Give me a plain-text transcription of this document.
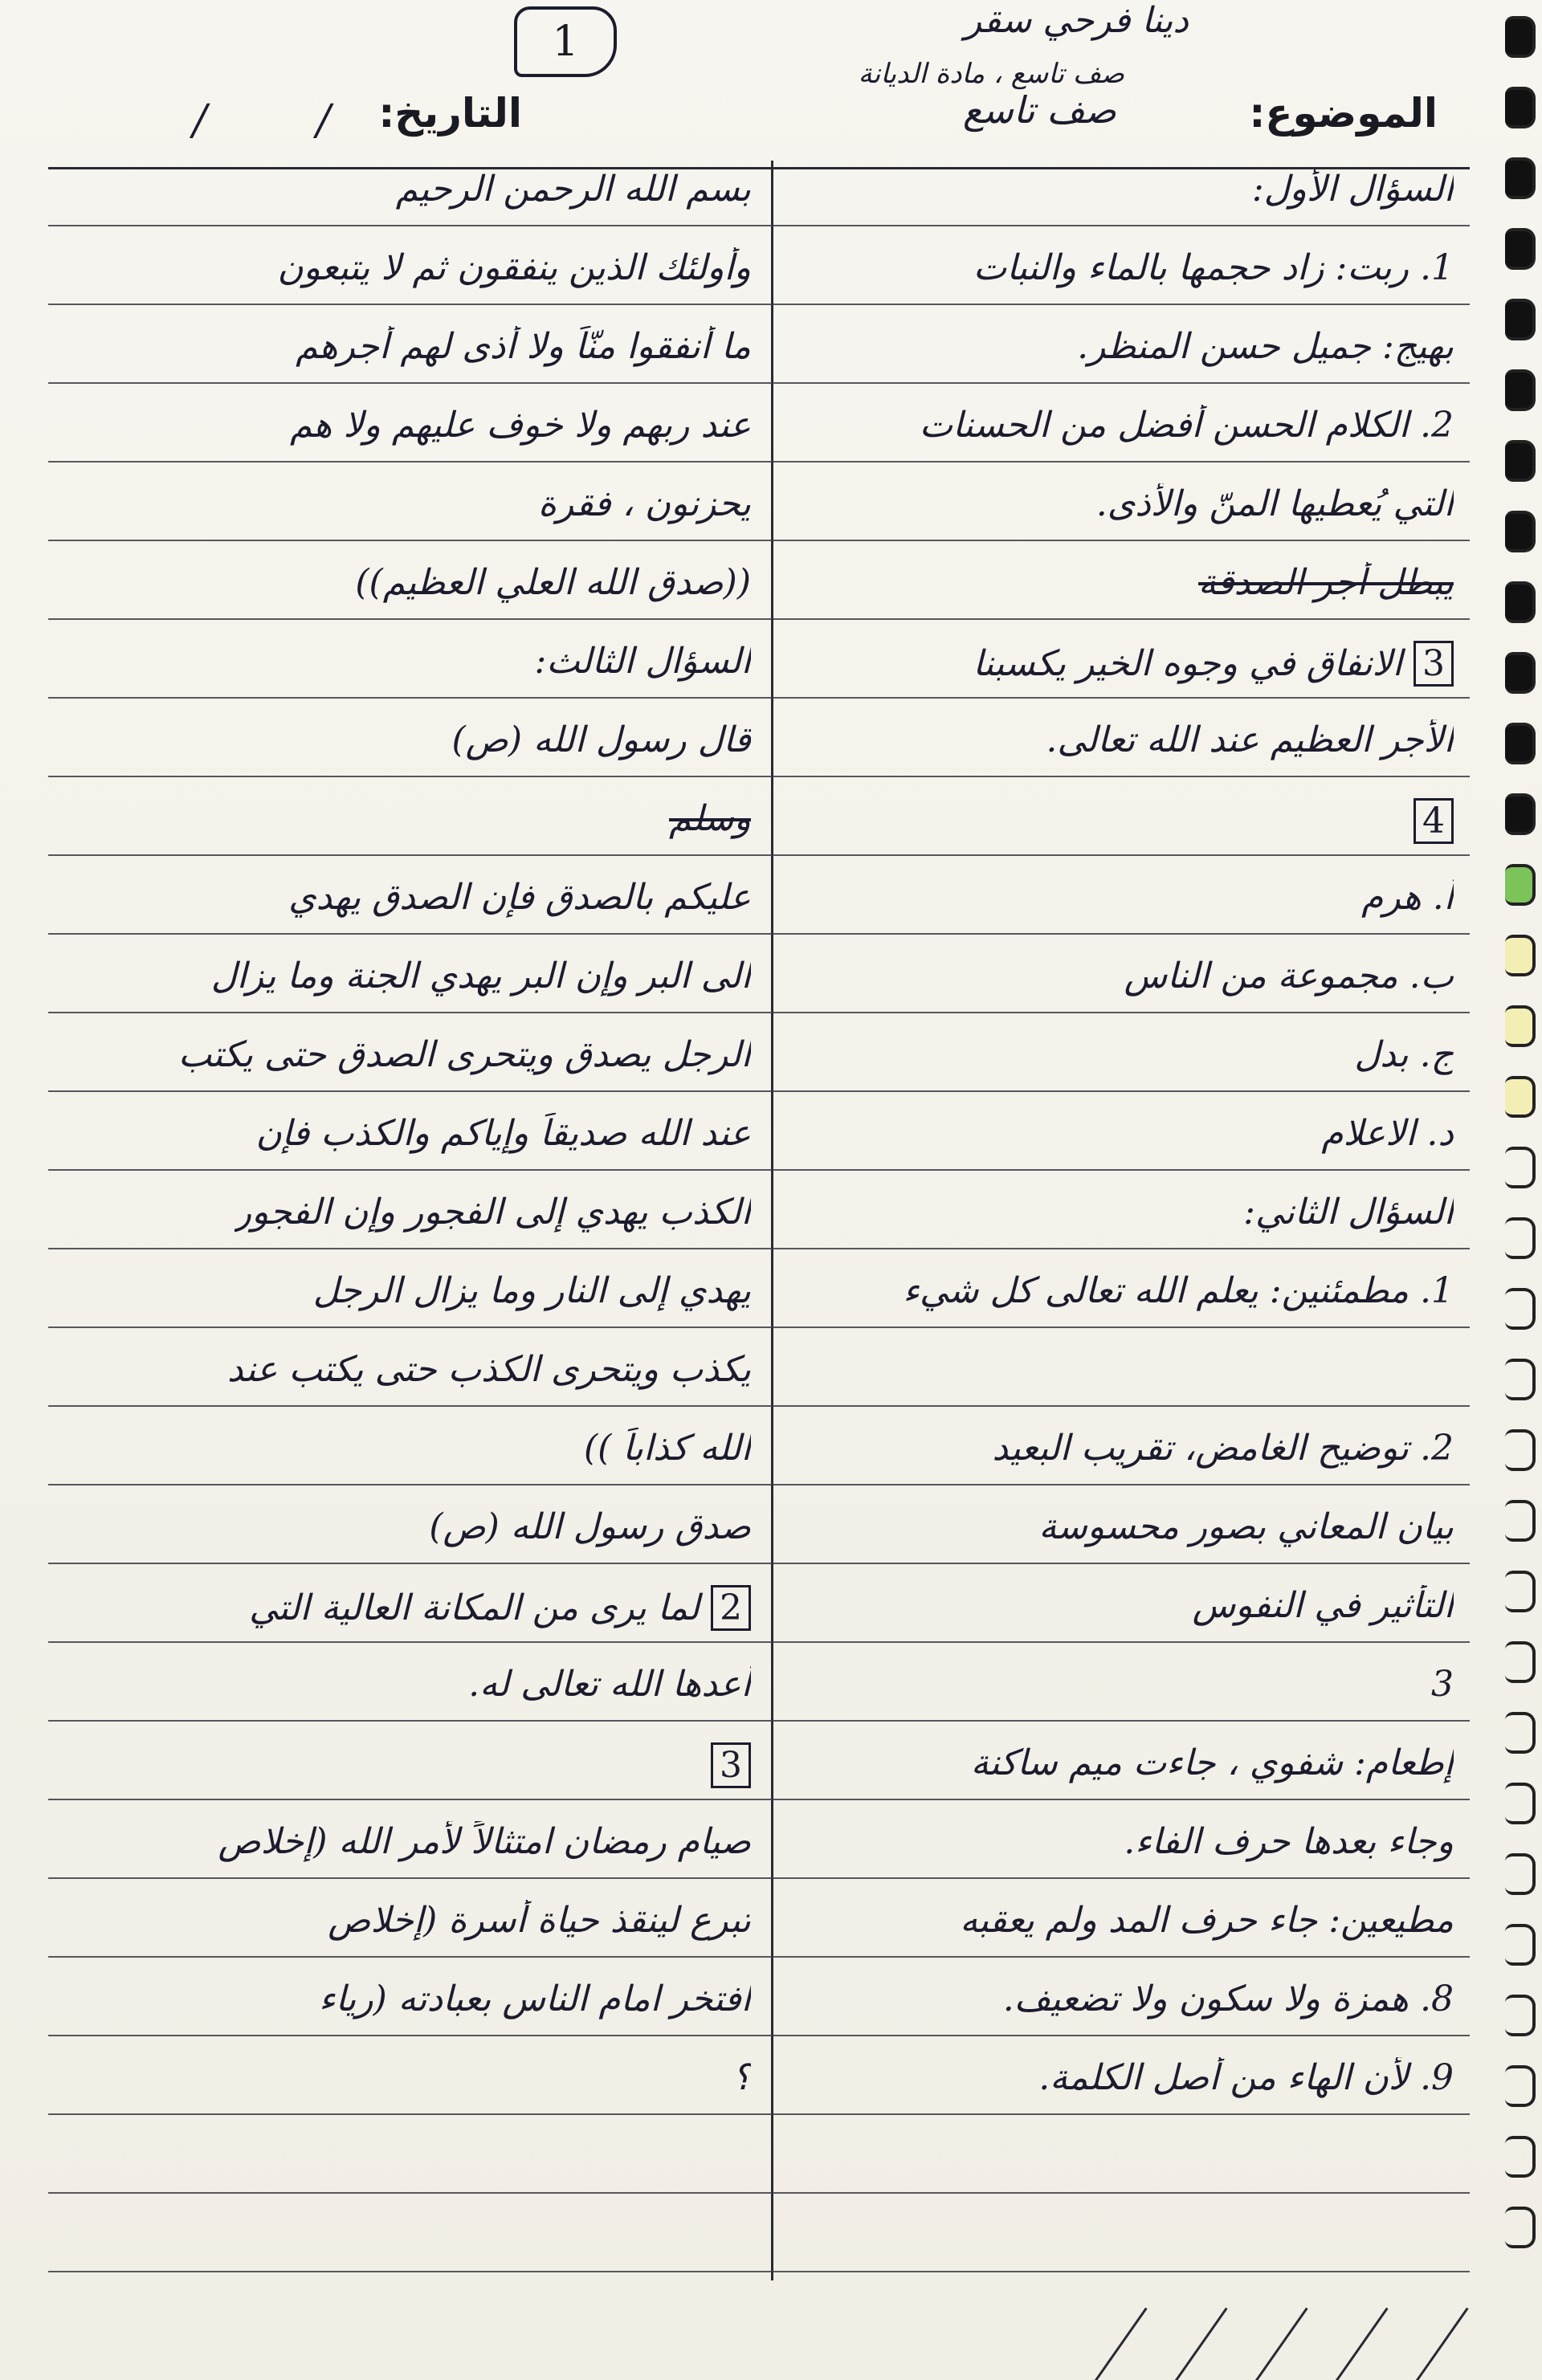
1	دينا فرحي سقر
صف تاسع ، مادة الديانة
الموضوع:
صف تاسع
التاريخ:
/ /
السؤال الأول:
1. ربت: زاد حجمها بالماء والنبات
بهيج: جميل حسن المنظر.
2. الكلام الحسن أفضل من الحسنات
التي يُعطيها المنّ والأذى.
يبطل أجر الصدقة
3 الانفاق في وجوه الخير يكسبنا
الأجر العظيم عند الله تعالى.
4
أ. هرم
ب. مجموعة من الناس
ج. بدل
د. الاعلام
السؤال الثاني:
1. مطمئنين: يعلم الله تعالى كل شيء
2. توضيح الغامض، تقريب البعيد
بيان المعاني بصور محسوسة
التأثير في النفوس
3
إطعام: شفوي ، جاءت ميم ساكنة
وجاء بعدها حرف الفاء.
مطيعين: جاء حرف المد ولم يعقبه
8. همزة ولا سكون ولا تضعيف.
9. لأن الهاء من أصل الكلمة.
بسم الله الرحمن الرحيم
وأولئك الذين ينفقون ثم لا يتبعون
ما أنفقوا منّاً ولا أذى لهم أجرهم
عند ربهم ولا خوف عليهم ولا هم
يحزنون ، فقرة
((صدق الله العلي العظيم))
السؤال الثالث:
قال رسول الله (ص)
وسلم
عليكم بالصدق فإن الصدق يهدي
الى البر وإن البر يهدي الجنة وما يزال
الرجل يصدق ويتحرى الصدق حتى يكتب
عند الله صديقاً وإياكم والكذب فإن
الكذب يهدي إلى الفجور وإن الفجور
يهدي إلى النار وما يزال الرجل
يكذب ويتحرى الكذب حتى يكتب عند
الله كذاباً ))
صدق رسول الله (ص)
2 لما يرى من المكانة العالية التي
أعدها الله تعالى له.
3
صيام رمضان امتثالاً لأمر الله (إخلاص
تبرع لينقذ حياة أسرة (إخلاص
افتخر امام الناس بعبادته (رياء
؟
